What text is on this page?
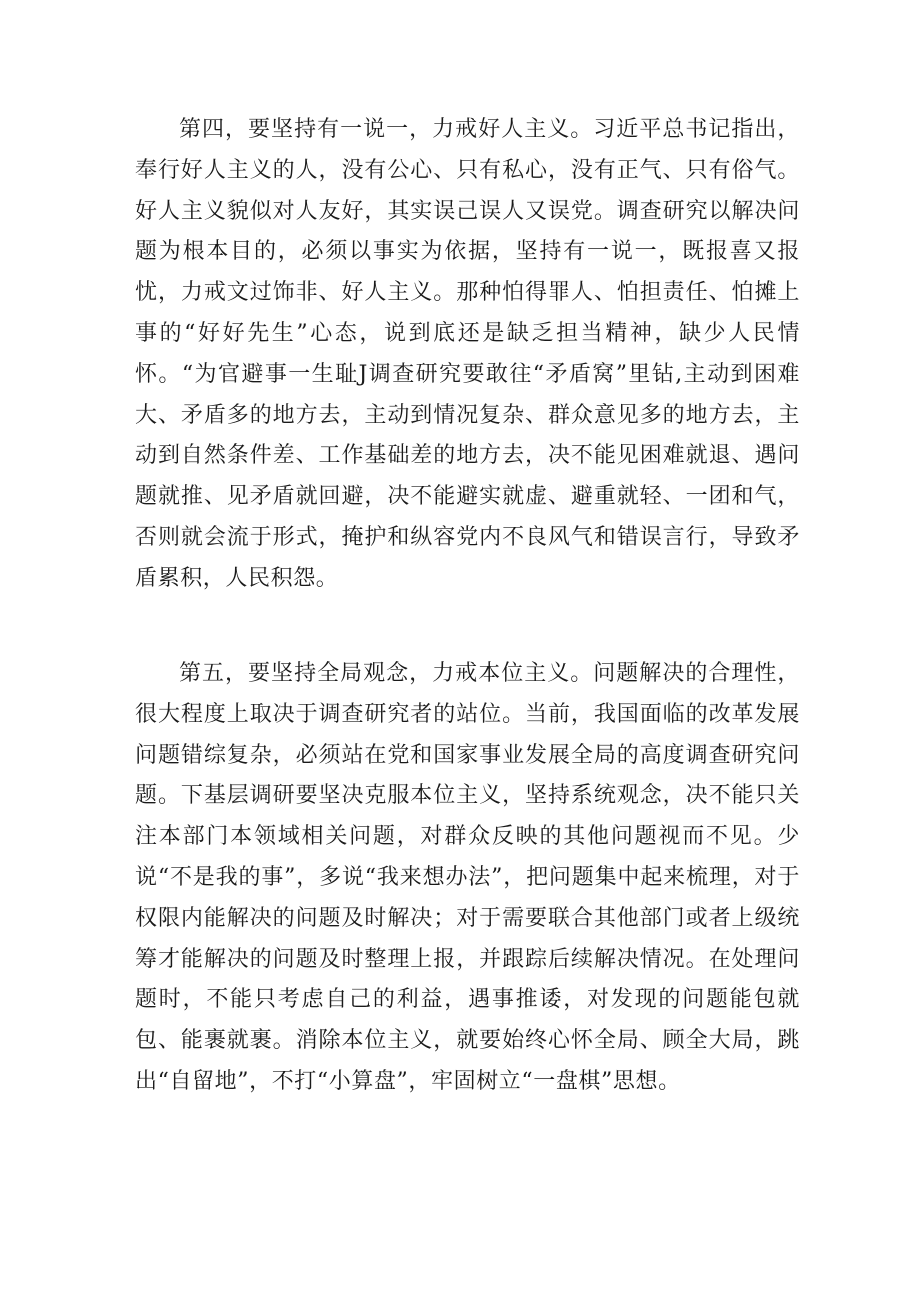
第四，要坚持有一说一，力戒好人主义。习近平总书记指出，奉行好人主义的人，没有公心、只有私心，没有正气、只有俗气。好人主义貌似对人友好，其实误己误人又误党。调查研究以解决问题为根本目的，必须以事实为依据，坚持有一说一，既报喜又报忧，力戒文过饰非、好人主义。那种怕得罪人、怕担责任、怕摊上事的“好好先生”心态，说到底还是缺乏担当精神，缺少人民情怀。“为官避事一生耻J调查研究要敢往“矛盾窝”里钻,主动到困难大、矛盾多的地方去，主动到情况复杂、群众意见多的地方去，主动到自然条件差、工作基础差的地方去，决不能见困难就退、遇问题就推、见矛盾就回避，决不能避实就虚、避重就轻、一团和气，否则就会流于形式，掩护和纵容党内不良风气和错误言行，导致矛盾累积，人民积怨。

第五，要坚持全局观念，力戒本位主义。问题解决的合理性，很大程度上取决于调查研究者的站位。当前，我国面临的改革发展问题错综复杂，必须站在党和国家事业发展全局的高度调查研究问题。下基层调研要坚决克服本位主义，坚持系统观念，决不能只关注本部门本领域相关问题，对群众反映的其他问题视而不见。少说“不是我的事”，多说“我来想办法”，把问题集中起来梳理，对于权限内能解决的问题及时解决；对于需要联合其他部门或者上级统筹才能解决的问题及时整理上报，并跟踪后续解决情况。在处理问题时，不能只考虑自己的利益，遇事推诿，对发现的问题能包就包、能裹就裹。消除本位主义，就要始终心怀全局、顾全大局，跳出“自留地”，不打“小算盘”，牢固树立“一盘棋”思想。
